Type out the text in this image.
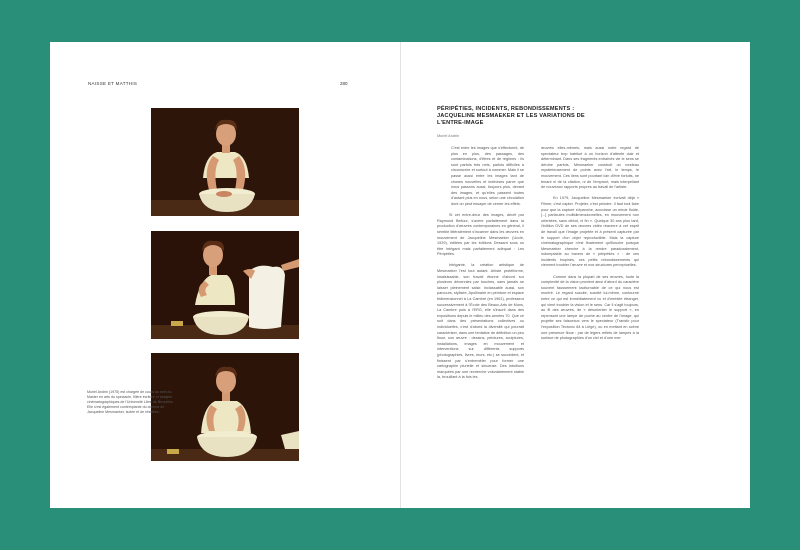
NAISSE ET MATTHIS	280
Muriel Andrin (1975) est chargée de cours au sein du Master en arts du spectacle, filière écriture et analyse cinématographiques de l'Université Libre de Bruxelles. Elle s'est également contemplante du cinéma de Jacqueline Mesmaeker, isolée et de résidées.
PÉRIPÉTIES, INCIDENTS, REBONDISSEMENTS : JACQUELINE MESMAEKER ET LES VARIATIONS DE L'ENTRE-IMAGE
Muriel Andrin

C'est entre les images que s'effectuent, de plus en plus, des passages, des contaminations, d'êtres et de régimes : ils sont parfois très nets, parfois difficiles à circonscrire et surtout à nommer. Mais il se passe aussi entre les images tant de choses nouvelles et indécises parce que nous passons aussi, toujours plus, devant des images, et qu'elles passent toutes d'autant plus en nous, selon une circulation dont on peut essayer de cerner les effets.

Si cet entre-deux des images, décrit par Raymond Bellour, s'avère parfaitement dans la production d'œuvres contemporaines en général, il semble littéralement s'incarner dans les œuvres en mouvement de Jacqueline Mesmaeker (Uccle, 1929), éditées par les éditions Dessant sous un titre intrigant mais parfaitement adéquat : Les Péripéties.

Intrigante, la création artistique de Mesmaeker l'est tout autant. Artiste protéiforme, insaisissable, son travail étonne d'abord sur plusieurs décennies par touches, sans jamais se laisser pleinement saisir. Inclassable aussi, son parcours, stylisée, Apollinaire en peinture et espace tridimensionnel à La Cambre (en 1961), professeur successivement à l'École des Beaux-Arts de Mons, La Cambre puis à l'ERG, elle s'inscrit dans des expositions depuis le milieu des années 70. Que ce soit dans des présentations collectives ou individuelles, c'est d'abord la diversité qui pourrait caractériser, dans une tentative de définition un peu floue, son œuvre : dessins, peintures, sculptures, installations, images en mouvement et interventions sur différents supports (photographies, livres, murs, etc.) se succèdent, et finissent par s'entremêler pour former une cartographie plurielle et sinueuse. Des intuitions marquées par une recherche volontairement stable la, brouillant à la fois les

œuvres elles-mêmes, mais aussi notre regard de spectateur trop habitué à un horizon d'attente clair et déterminant. Dans ses fragments entraînés vie le sens se dérobe parfois, Mesmaeker construit un rondeau mystérieusement de points avec l'art, le temps, le mouvement. Ces liens sont pourtant loin d'être fortuits, ne tenant ni de la citation, ni de l'emprunt, mais interpellant de nouveaux rapports propres au travail de l'artiste.

En 1979, Jacqueline Mesmaeker écrivait déjà « Filmer, c'est capter. Projeter, c'est peindre. Il faut tout faire pour que la capture s'épanche, accroisse un miroir fluide. [...] particules multidimensionnelles, en mouvement non orientées, sans début, ni fin ». Quelque 30 ans plus tard, l'édition DVD de ses œuvres vidéo réaverre à cet esprit de travail que l'image projetée et à présent capturée par le support d'un objet reproductible. Mais la capture cinématographique n'est finalement qu'illusoire puisque Mesmaeker cherche à la rendre paradoxalement, indomptable au travers de « péripéties » : de ces incidents inopinés, ces petits rebondissements qui viennent troubler l'œuvre et nos structures perceptuelles.

Comme dans la plupart de ses œuvres, toute la complexité de la vision provient ainsi d'abord du caractère souvent faussement taciturnable de ce qui nous est montré. Le regard suscite, suscité lui-même, contourné entre ce qui est immédiatement vu et d'emblée étranger, qui vient troubler la vision et le sens. Car il s'agit toujours, au fil des œuvres, de « désorienter le support », en repensant une lampe de poche au centre de l'image, qui projette ses faisceaux vers le spectateur (Transfo pour l'exposition Tectonic 84 à Liège), ou en mettant en scène une présence floue : par de légers reflets de lampes à la surface de photographies d'un ciel et d'une mer
